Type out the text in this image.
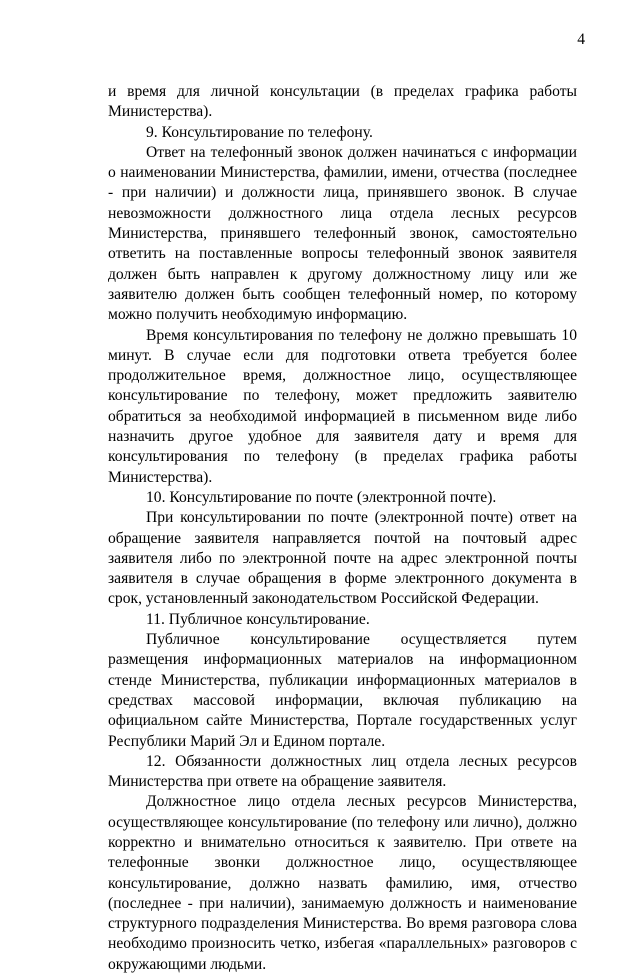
4

и время для личной консультации (в пределах графика работы Министерства).

9. Консультирование по телефону.

Ответ на телефонный звонок должен начинаться с информации о наименовании Министерства, фамилии, имени, отчества (последнее - при наличии) и должности лица, принявшего звонок. В случае невозможности должностного лица отдела лесных ресурсов Министерства, принявшего телефонный звонок, самостоятельно ответить на поставленные вопросы телефонный звонок заявителя должен быть направлен к другому должностному лицу или же заявителю должен быть сообщен телефонный номер, по которому можно получить необходимую информацию.

Время консультирования по телефону не должно превышать 10 минут. В случае если для подготовки ответа требуется более продолжительное время, должностное лицо, осуществляющее консультирование по телефону, может предложить заявителю обратиться за необходимой информацией в письменном виде либо назначить другое удобное для заявителя дату и время для консультирования по телефону (в пределах графика работы Министерства).

10. Консультирование по почте (электронной почте).

При консультировании по почте (электронной почте) ответ на обращение заявителя направляется почтой на почтовый адрес заявителя либо по электронной почте на адрес электронной почты заявителя в случае обращения в форме электронного документа в срок, установленный законодательством Российской Федерации.

11. Публичное консультирование.

Публичное консультирование осуществляется путем размещения информационных материалов на информационном стенде Министерства, публикации информационных материалов в средствах массовой информации, включая публикацию на официальном сайте Министерства, Портале государственных услуг Республики Марий Эл и Едином портале.

12. Обязанности должностных лиц отдела лесных ресурсов Министерства при ответе на обращение заявителя.

Должностное лицо отдела лесных ресурсов Министерства, осуществляющее консультирование (по телефону или лично), должно корректно и внимательно относиться к заявителю. При ответе на телефонные звонки должностное лицо, осуществляющее консультирование, должно назвать фамилию, имя, отчество (последнее - при наличии), занимаемую должность и наименование структурного подразделения Министерства. Во время разговора слова необходимо произносить четко, избегая «параллельных» разговоров с окружающими людьми.
